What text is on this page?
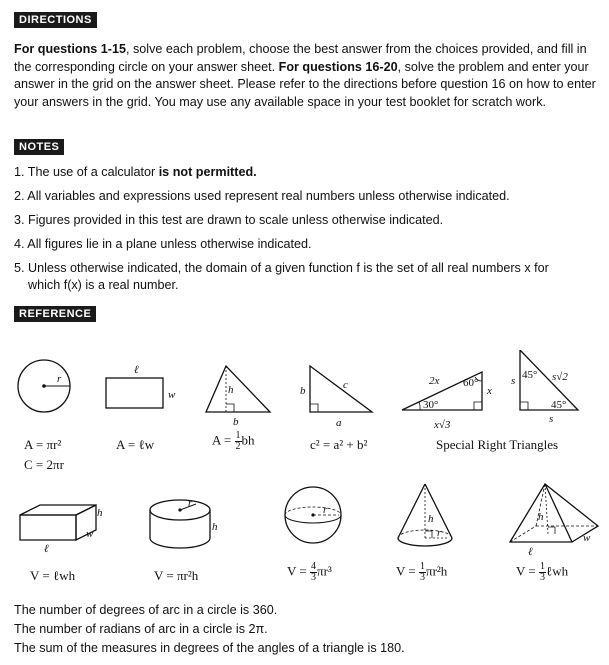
DIRECTIONS
For questions 1-15, solve each problem, choose the best answer from the choices provided, and fill in the corresponding circle on your answer sheet. For questions 16-20, solve the problem and enter your answer in the grid on the answer sheet. Please refer to the directions before question 16 on how to enter your answers in the grid. You may use any available space in your test booklet for scratch work.
NOTES
1. The use of a calculator is not permitted.
2. All variables and expressions used represent real numbers unless otherwise indicated.
3. Figures provided in this test are drawn to scale unless otherwise indicated.
4. All figures lie in a plane unless otherwise indicated.
5. Unless otherwise indicated, the domain of a given function f is the set of all real numbers x for
which f(x) is a real number.
REFERENCE
r
ℓ
w	h
b
b	c
a
2x 60°
x
30°
x√3
s 45° s√2
45°
s
h
w
ℓ
r
h
r
h
r
h
w
ℓ
A = πr²
C = 2πr
A = ℓw	$A = \frac{1}{2}$ bh	c² = a² + b²	Special Right Triangles
V = ℓwh	V = πr²h	$V = \frac{4}{3} \pi r^3$	$V = \frac{1}{3} \pi r^2h$	$V = \frac{1}{3}$ ℓwh
The number of degrees of arc in a circle is 360.
The number of radians of arc in a circle is 2π.
The sum of the measures in degrees of the angles of a triangle is 180.
